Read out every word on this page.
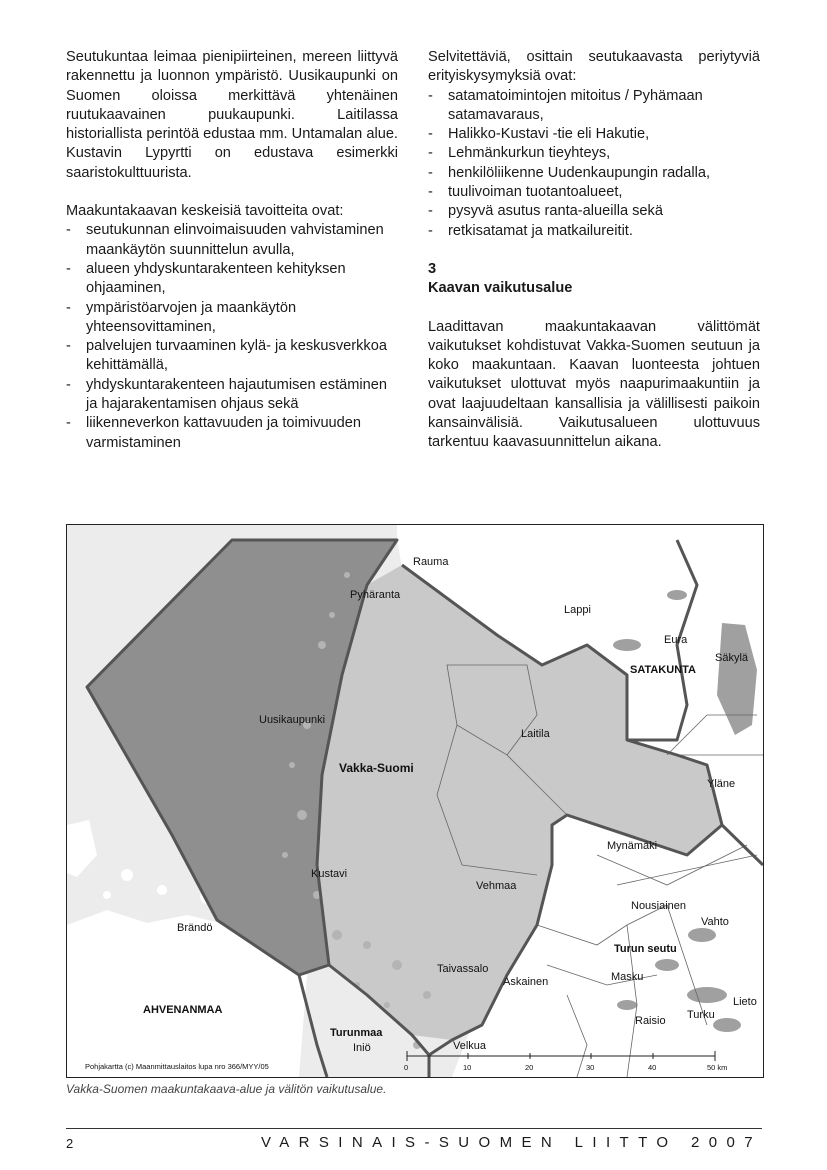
Seutukuntaa leimaa pienipiirteinen, mereen liittyvä rakennettu ja luonnon ympäristö. Uusikaupunki on Suomen oloissa merkittävä yhtenäinen ruutukaavainen puukaupunki. Laitilassa historiallista perintöä edustaa mm. Untamalan alue. Kustavin Lypyrtti on edustava esimerkki saaristokulttuurista.

Maakuntakaavan keskeisiä tavoitteita ovat:

- seutukunnan elinvoimaisuuden vahvistaminen maankäytön suunnittelun avulla,
- alueen yhdyskuntarakenteen kehityksen ohjaaminen,
- ympäristöarvojen ja maankäytön yhteensovittaminen,
- palvelujen turvaaminen kylä- ja keskusverkkoa kehittämällä,
- yhdyskuntarakenteen hajautumisen estäminen ja hajarakentamisen ohjaus sekä
- liikenneverkon kattavuuden ja toimivuuden varmistaminen

Selvitettäviä, osittain seutukaavasta periytyviä erityiskysymyksiä ovat:

- satamatoimintojen mitoitus / Pyhämaan satamavaraus,
- Halikko-Kustavi -tie eli Hakutie,
- Lehmänkurkun tieyhteys,
- henkilöliikenne Uudenkaupungin radalla,
- tuulivoiman tuotantoalueet,
- pysyvä asutus ranta-alueilla sekä
- retkisatamat ja matkailureitit.

3

Kaavan vaikutusalue

Laadittavan maakuntakaavan välittömät vaikutukset kohdistuvat Vakka-Suomen seutuun ja koko maakuntaan. Kaavan luonteesta johtuen vaikutukset ulottuvat myös naapurimaakuntiin ja ovat laajuudeltaan kansallisia ja välillisesti paikoin kansainvälisiä. Vaikutusalueen ulottuvuus tarkentuu kaavasuunnittelun aikana.

Rauma
Pyhäranta
Lappi
Eura
Säkylä
SATAKUNTA
Uusikaupunki
Laitila
Vakka-Suomi
Yläne
Mynämäki
Kustavi
Vehmaa
Nousiainen
Vahto
Brändö
Turun seutu
Taivassalo
Askainen	Masku
Lieto
AHVENANMAA
Raisio Turku
Turunmaa
Iniö	Velkua
Pohjakartta (c) Maanmittauslaitos lupa nro 366/MYY/05	0	10	20	30	40	50 km
Vakka-Suomen maakuntakaava-alue ja välitön vaikutusalue.
2	VARSINAIS-SUOMEN LIITTO 2007
